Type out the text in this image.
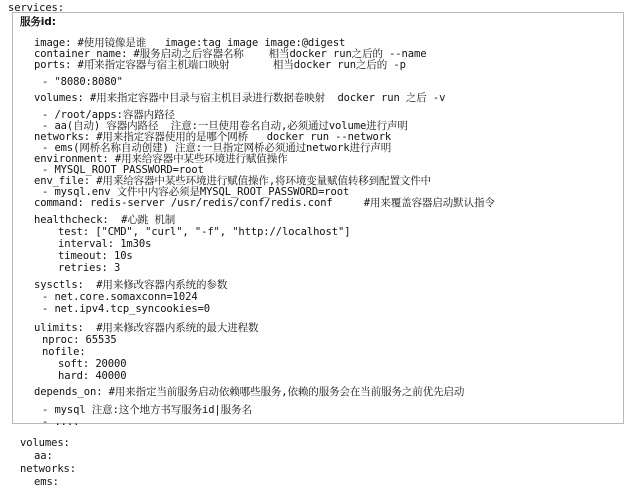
services:
服务id:
image: #使用镜像是谁   image:tag image image:@digest
container_name: #服务启动之后容器名称    相当docker run之后的 --name
ports: #用来指定容器与宿主机端口映射       相当docker run之后的 -p
- "8080:8080"
volumes: #用来指定容器中目录与宿主机目录进行数据卷映射  docker run 之后 -v
- /root/apps:容器内路径
- aa(自动) 容器内路径  注意:一旦使用卷名自动,必须通过volume进行声明
networks: #用来指定容器使用的是哪个网桥   docker run --network
- ems(网桥名称自动创建) 注意:一旦指定网桥必须通过network进行声明
environment: #用来给容器中某些环境进行赋值操作
- MYSQL_ROOT_PASSWORD=root
env_file: #用来给容器中某些环境进行赋值操作,将环境变量赋值转移到配置文件中
- mysql.env 文件中内容必须是MYSQL_ROOT_PASSWORD=root
command: redis-server /usr/redis/conf/redis.conf     #用来覆盖容器启动默认指令
healthcheck:  #心跳 机制
test: ["CMD", "curl", "-f", "http://localhost"]
interval: 1m30s
timeout: 10s
retries: 3
sysctls:  #用来修改容器内系统的参数
- net.core.somaxconn=1024
- net.ipv4.tcp_syncookies=0
ulimits:  #用来修改容器内系统的最大进程数
nproc: 65535
nofile:
soft: 20000
hard: 40000
depends_on: #用来指定当前服务启动依赖哪些服务,依赖的服务会在当前服务之前优先启动
- mysql 注意:这个地方书写服务id|服务名
- ....
volumes:
aa:
networks:
ems:
